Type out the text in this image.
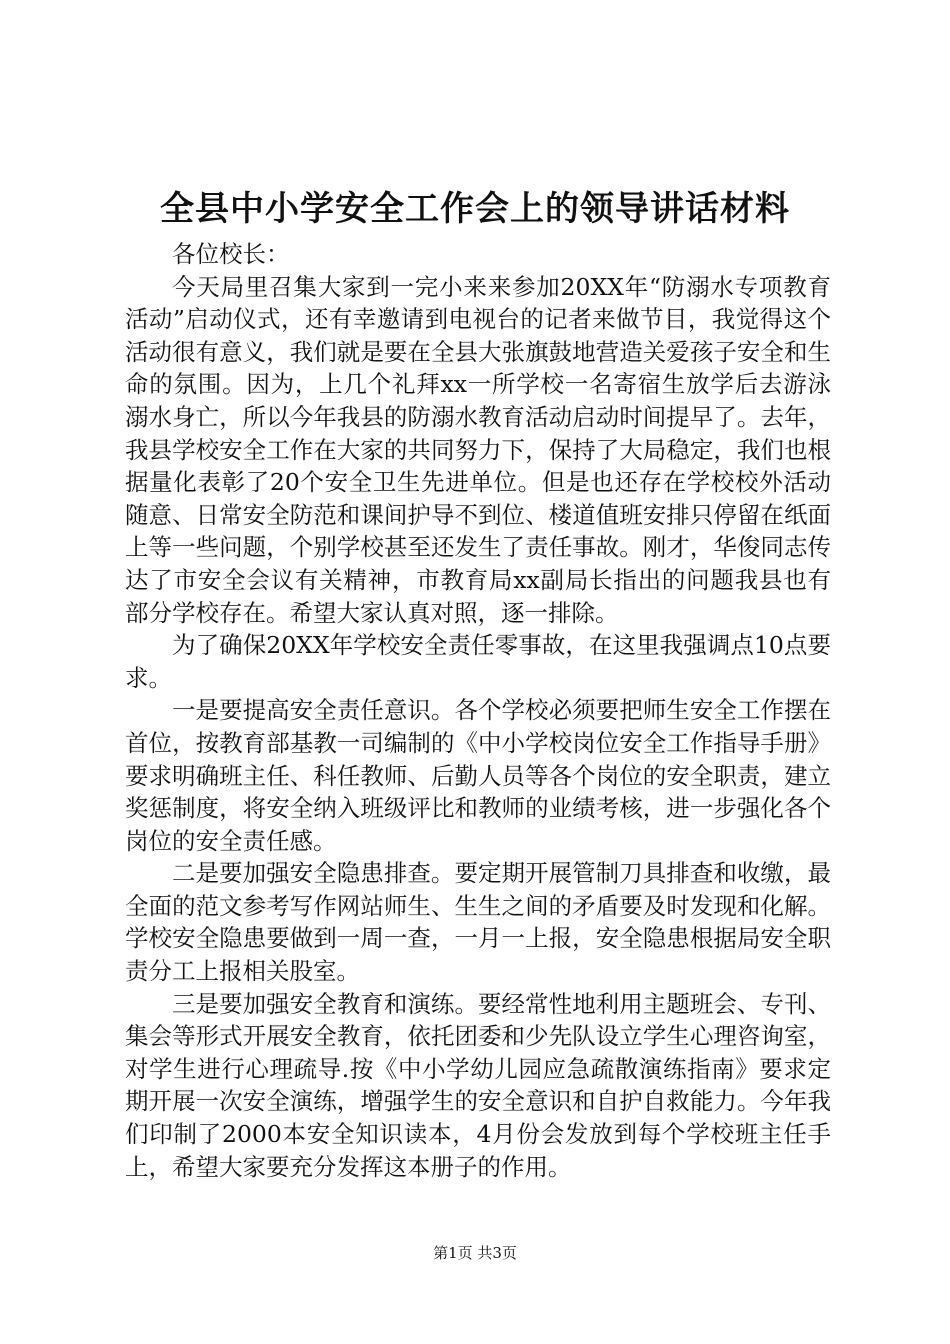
全县中小学安全工作会上的领导讲话材料

各位校长：

今天局里召集大家到一完小来来参加20XX年“防溺水专项教育活动”启动仪式，还有幸邀请到电视台的记者来做节目，我觉得这个活动很有意义，我们就是要在全县大张旗鼓地营造关爱孩子安全和生命的氛围。因为，上几个礼拜xx一所学校一名寄宿生放学后去游泳溺水身亡，所以今年我县的防溺水教育活动启动时间提早了。去年，我县学校安全工作在大家的共同努力下，保持了大局稳定，我们也根据量化表彰了20个安全卫生先进单位。但是也还存在学校校外活动随意、日常安全防范和课间护导不到位、楼道值班安排只停留在纸面上等一些问题，个别学校甚至还发生了责任事故。刚才，华俊同志传达了市安全会议有关精神，市教育局xx副局长指出的问题我县也有部分学校存在。希望大家认真对照，逐一排除。

为了确保20XX年学校安全责任零事故，在这里我强调点10点要求。

一是要提高安全责任意识。各个学校必须要把师生安全工作摆在首位，按教育部基教一司编制的《中小学校岗位安全工作指导手册》要求明确班主任、科任教师、后勤人员等各个岗位的安全职责，建立奖惩制度，将安全纳入班级评比和教师的业绩考核，进一步强化各个岗位的安全责任感。

二是要加强安全隐患排查。要定期开展管制刀具排查和收缴，最全面的范文参考写作网站师生、生生之间的矛盾要及时发现和化解。学校安全隐患要做到一周一查，一月一上报，安全隐患根据局安全职责分工上报相关股室。

三是要加强安全教育和演练。要经常性地利用主题班会、专刊、集会等形式开展安全教育，依托团委和少先队设立学生心理咨询室，对学生进行心理疏导.按《中小学幼儿园应急疏散演练指南》要求定期开展一次安全演练，增强学生的安全意识和自护自救能力。今年我们印制了2000本安全知识读本，4月份会发放到每个学校班主任手上，希望大家要充分发挥这本册子的作用。

第1页 共3页
